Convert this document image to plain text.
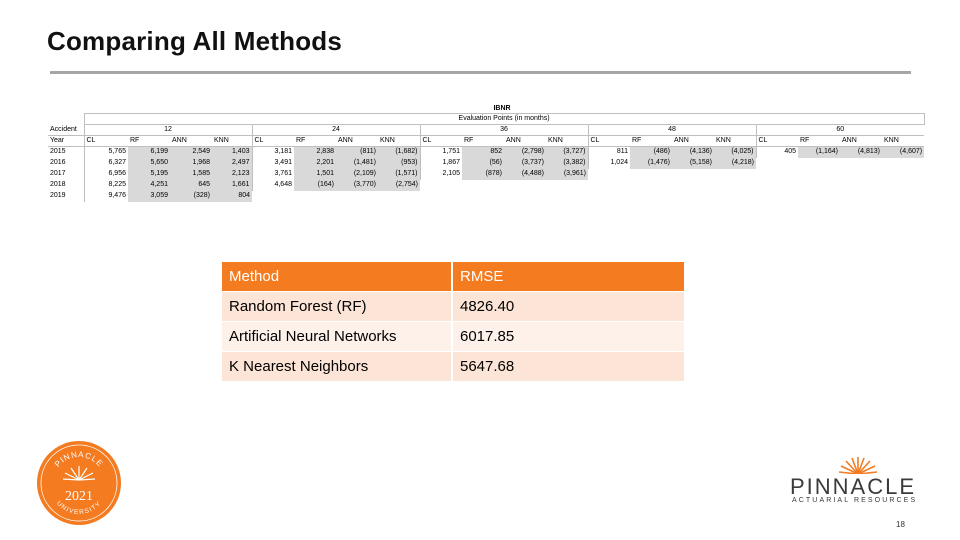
Comparing All Methods
IBNR
	Evaluation Points (in months)																			
Accident	12				24				36				48				60			
Year	CL	RF	ANN	KNN	CL	RF	ANN	KNN	CL	RF	ANN	KNN	CL	RF	ANN	KNN	CL	RF	ANN	KNN
2015	5,765	6,199	2,549	1,403	3,181	2,838	(811)	(1,682)	1,751	852	(2,798)	(3,727)	811	(486)	(4,136)	(4,025)	405	(1,164)	(4,813)	(4,607)
2016	6,327	5,650	1,968	2,497	3,491	2,201	(1,481)	(953)	1,867	(56)	(3,737)	(3,382)	1,024	(1,476)	(5,158)	(4,218)				
2017	6,956	5,195	1,585	2,123	3,761	1,501	(2,109)	(1,571)	2,105	(878)	(4,488)	(3,961)								
2018	8,225	4,251	645	1,661	4,648	(164)	(3,770)	(2,754)												
2019	9,476	3,059	(328)	804																
Method	RMSE
Random Forest (RF)	4826.40
Artificial Neural Networks	6017.85
K Nearest Neighbors	5647.68
PINNACLE
2021
UNIVERSITY
PINNACLE
ACTUARIAL RESOURCES
18
